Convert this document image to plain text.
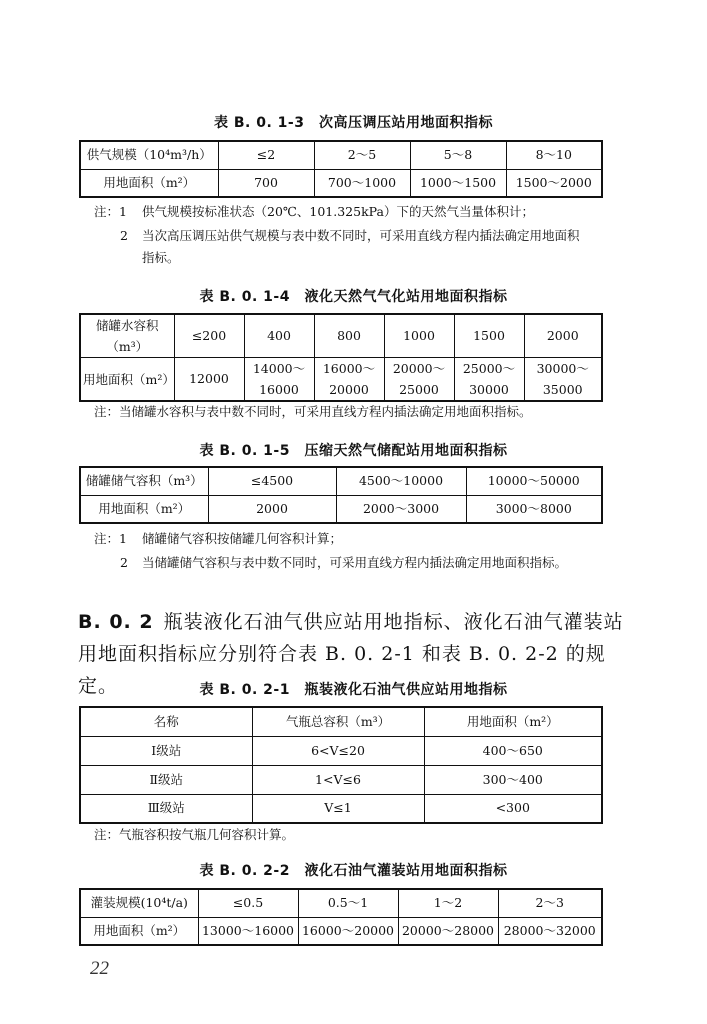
表 B. 0. 1-3　次高压调压站用地面积指标
供气规模（10⁴m³/h）	≤2	2～5	5～8	8～10
用地面积（m²）	700	700～1000	1000～1500	1500～2000
注：1 供气规模按标准状态（20℃、101.325kPa）下的天然气当量体积计；
2 当次高压调压站供气规模与表中数不同时，可采用直线方程内插法确定用地面积指标。
表 B. 0. 1-4　液化天然气气化站用地面积指标
储罐水容积（m³）	≤200	400	800	1000	1500	2000
用地面积（m²）	12000	14000～16000	16000～20000	20000～25000	25000～30000	30000～35000
注：当储罐水容积与表中数不同时，可采用直线方程内插法确定用地面积指标。
表 B. 0. 1-5　压缩天然气储配站用地面积指标
储罐储气容积（m³）	≤4500	4500～10000	10000～50000
用地面积（m²）	2000	2000～3000	3000～8000
注：1 储罐储气容积按储罐几何容积计算；
2 当储罐储气容积与表中数不同时，可采用直线方程内插法确定用地面积指标。
B. 0. 2 瓶装液化石油气供应站用地指标、液化石油气灌装站用地面积指标应分别符合表 B. 0. 2-1 和表 B. 0. 2-2 的规定。	表 B. 0. 2-1　瓶装液化石油气供应站用地指标
名称	气瓶总容积（m³）	用地面积（m²）
Ⅰ级站	6<V≤20	400～650
Ⅱ级站	1<V≤6	300～400
Ⅲ级站	V≤1	<300
注：气瓶容积按气瓶几何容积计算。
表 B. 0. 2-2　液化石油气灌装站用地面积指标
灌装规模(10⁴t/a)	≤0.5	0.5～1	1～2	2～3
用地面积（m²）	13000～16000	16000～20000	20000～28000	28000～32000
22
